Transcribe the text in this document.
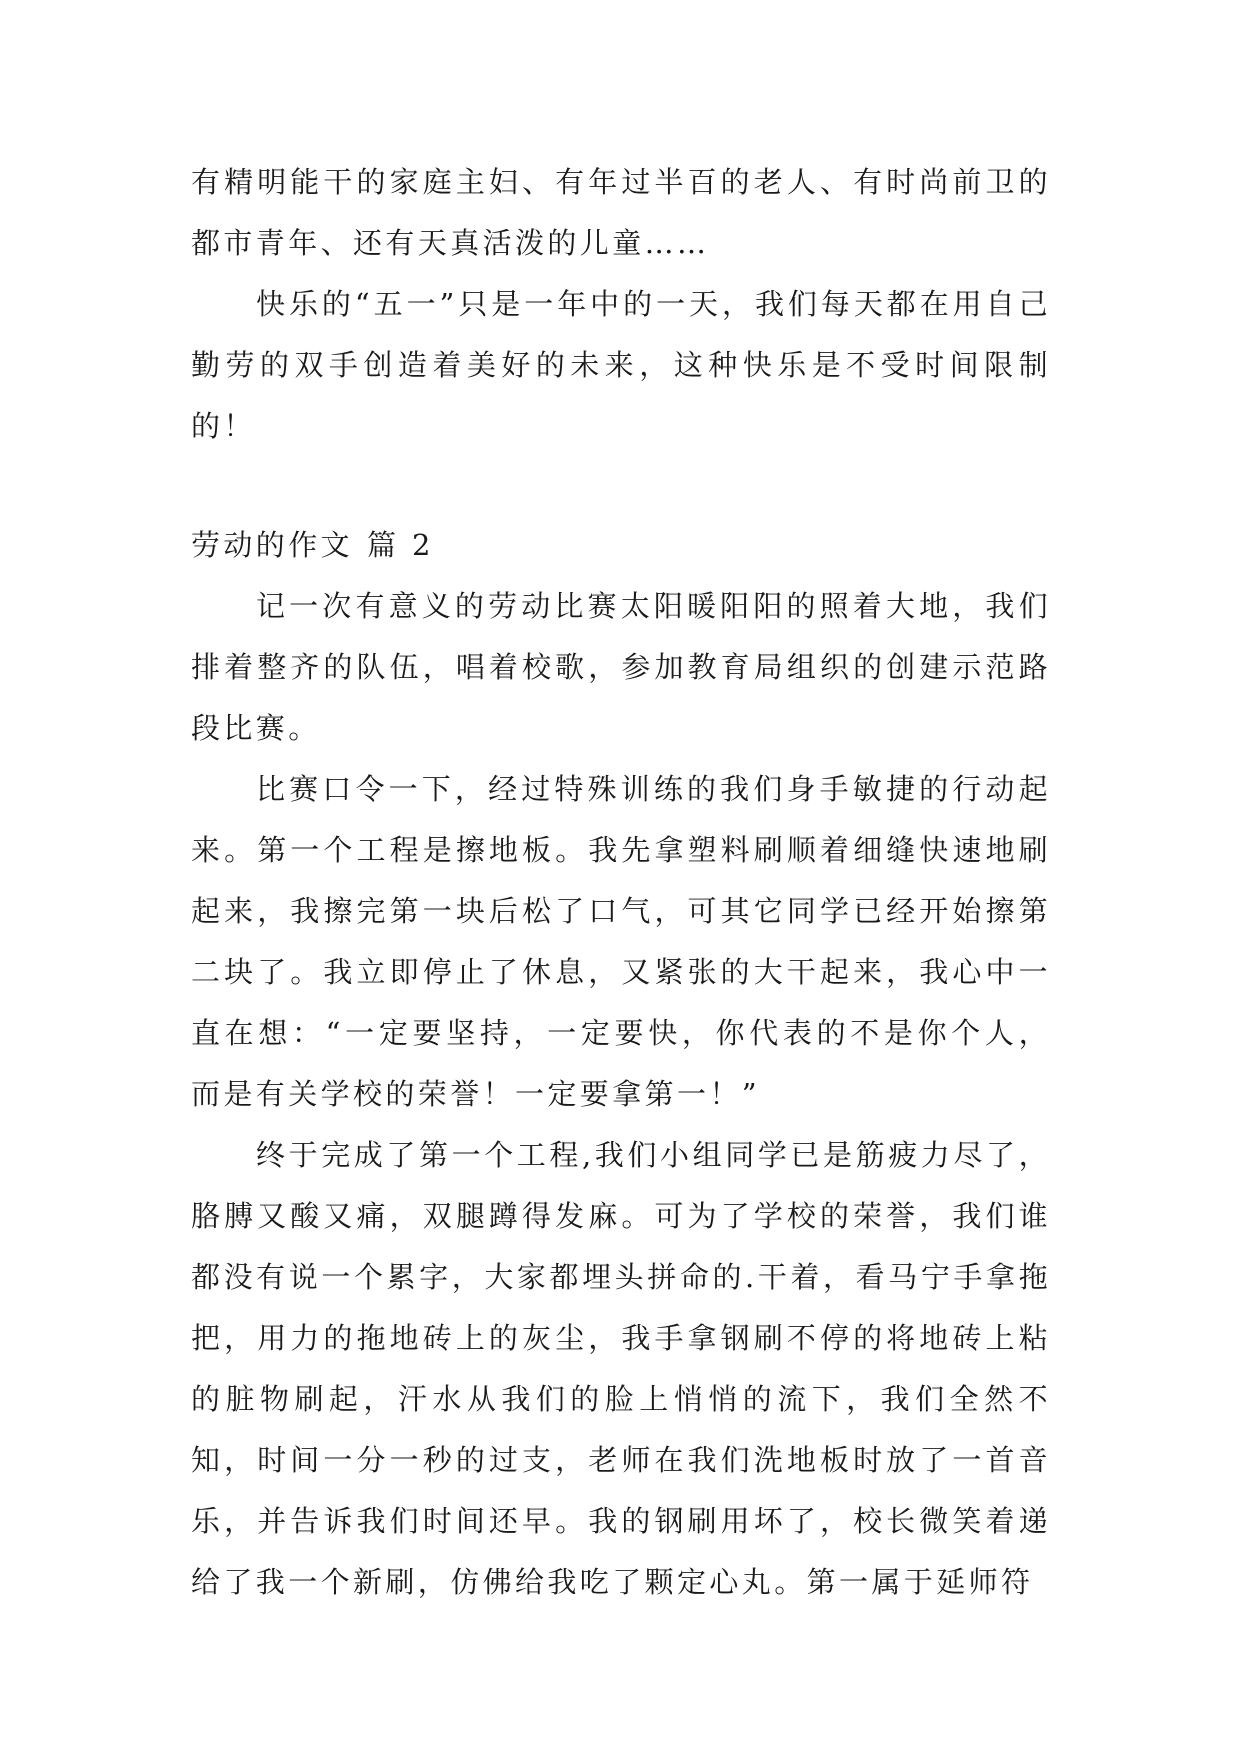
有精明能干的家庭主妇、有年过半百的老人、有时尚前卫的都市青年、还有天真活泼的儿童……

快乐的“五一”只是一年中的一天，我们每天都在用自己勤劳的双手创造着美好的未来，这种快乐是不受时间限制的！

劳动的作文 篇 2

记一次有意义的劳动比赛太阳暖阳阳的照着大地，我们排着整齐的队伍，唱着校歌，参加教育局组织的创建示范路段比赛。

比赛口令一下，经过特殊训练的我们身手敏捷的行动起来。第一个工程是擦地板。我先拿塑料刷顺着细缝快速地刷起来，我擦完第一块后松了口气，可其它同学已经开始擦第二块了。我立即停止了休息，又紧张的大干起来，我心中一直在想：“一定要坚持，一定要快，你代表的不是你个人，而是有关学校的荣誉！一定要拿第一！”

终于完成了第一个工程,我们小组同学已是筋疲力尽了，胳膊又酸又痛，双腿蹲得发麻。可为了学校的荣誉，我们谁都没有说一个累字，大家都埋头拼命的.干着，看马宁手拿拖把，用力的拖地砖上的灰尘，我手拿钢刷不停的将地砖上粘的脏物刷起，汗水从我们的脸上悄悄的流下，我们全然不知，时间一分一秒的过支，老师在我们洗地板时放了一首音乐，并告诉我们时间还早。我的钢刷用坏了，校长微笑着递给了我一个新刷，仿佛给我吃了颗定心丸。第一属于延师符
